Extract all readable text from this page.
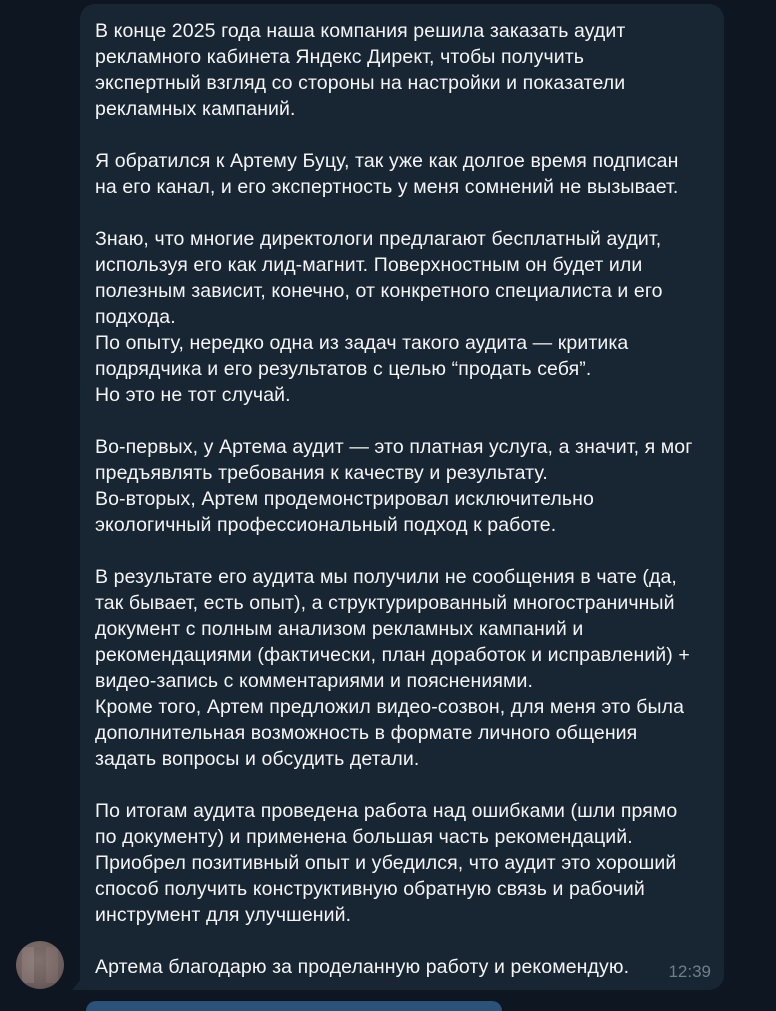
В конце 2025 года наша компания решила заказать аудит
рекламного кабинета Яндекс Директ, чтобы получить
экспертный взгляд со стороны на настройки и показатели
рекламных кампаний.

Я обратился к Артему Буцу, так уже как долгое время подписан
на его канал, и его экспертность у меня сомнений не вызывает.

Знаю, что многие директологи предлагают бесплатный аудит,
используя его как лид-магнит. Поверхностным он будет или
полезным зависит, конечно, от конкретного специалиста и его
подхода.
По опыту, нередко одна из задач такого аудита — критика
подрядчика и его результатов с целью “продать себя”.
Но это не тот случай.

Во-первых, у Артема аудит — это платная услуга, а значит, я мог
предъявлять требования к качеству и результату.
Во-вторых, Артем продемонстрировал исключительно
экологичный профессиональный подход к работе.

В результате его аудита мы получили не сообщения в чате (да,
так бывает, есть опыт), а структурированный многостраничный
документ с полным анализом рекламных кампаний и
рекомендациями (фактически, план доработок и исправлений) +
видео-запись с комментариями и пояснениями.
Кроме того, Артем предложил видео-созвон, для меня это была
дополнительная возможность в формате личного общения
задать вопросы и обсудить детали.

По итогам аудита проведена работа над ошибками (шли прямо
по документу) и применена большая часть рекомендаций.
Приобрел позитивный опыт и убедился, что аудит это хороший
способ получить конструктивную обратную связь и рабочий
инструмент для улучшений.

Артема благодарю за проделанную работу и рекомендую.	12:39
